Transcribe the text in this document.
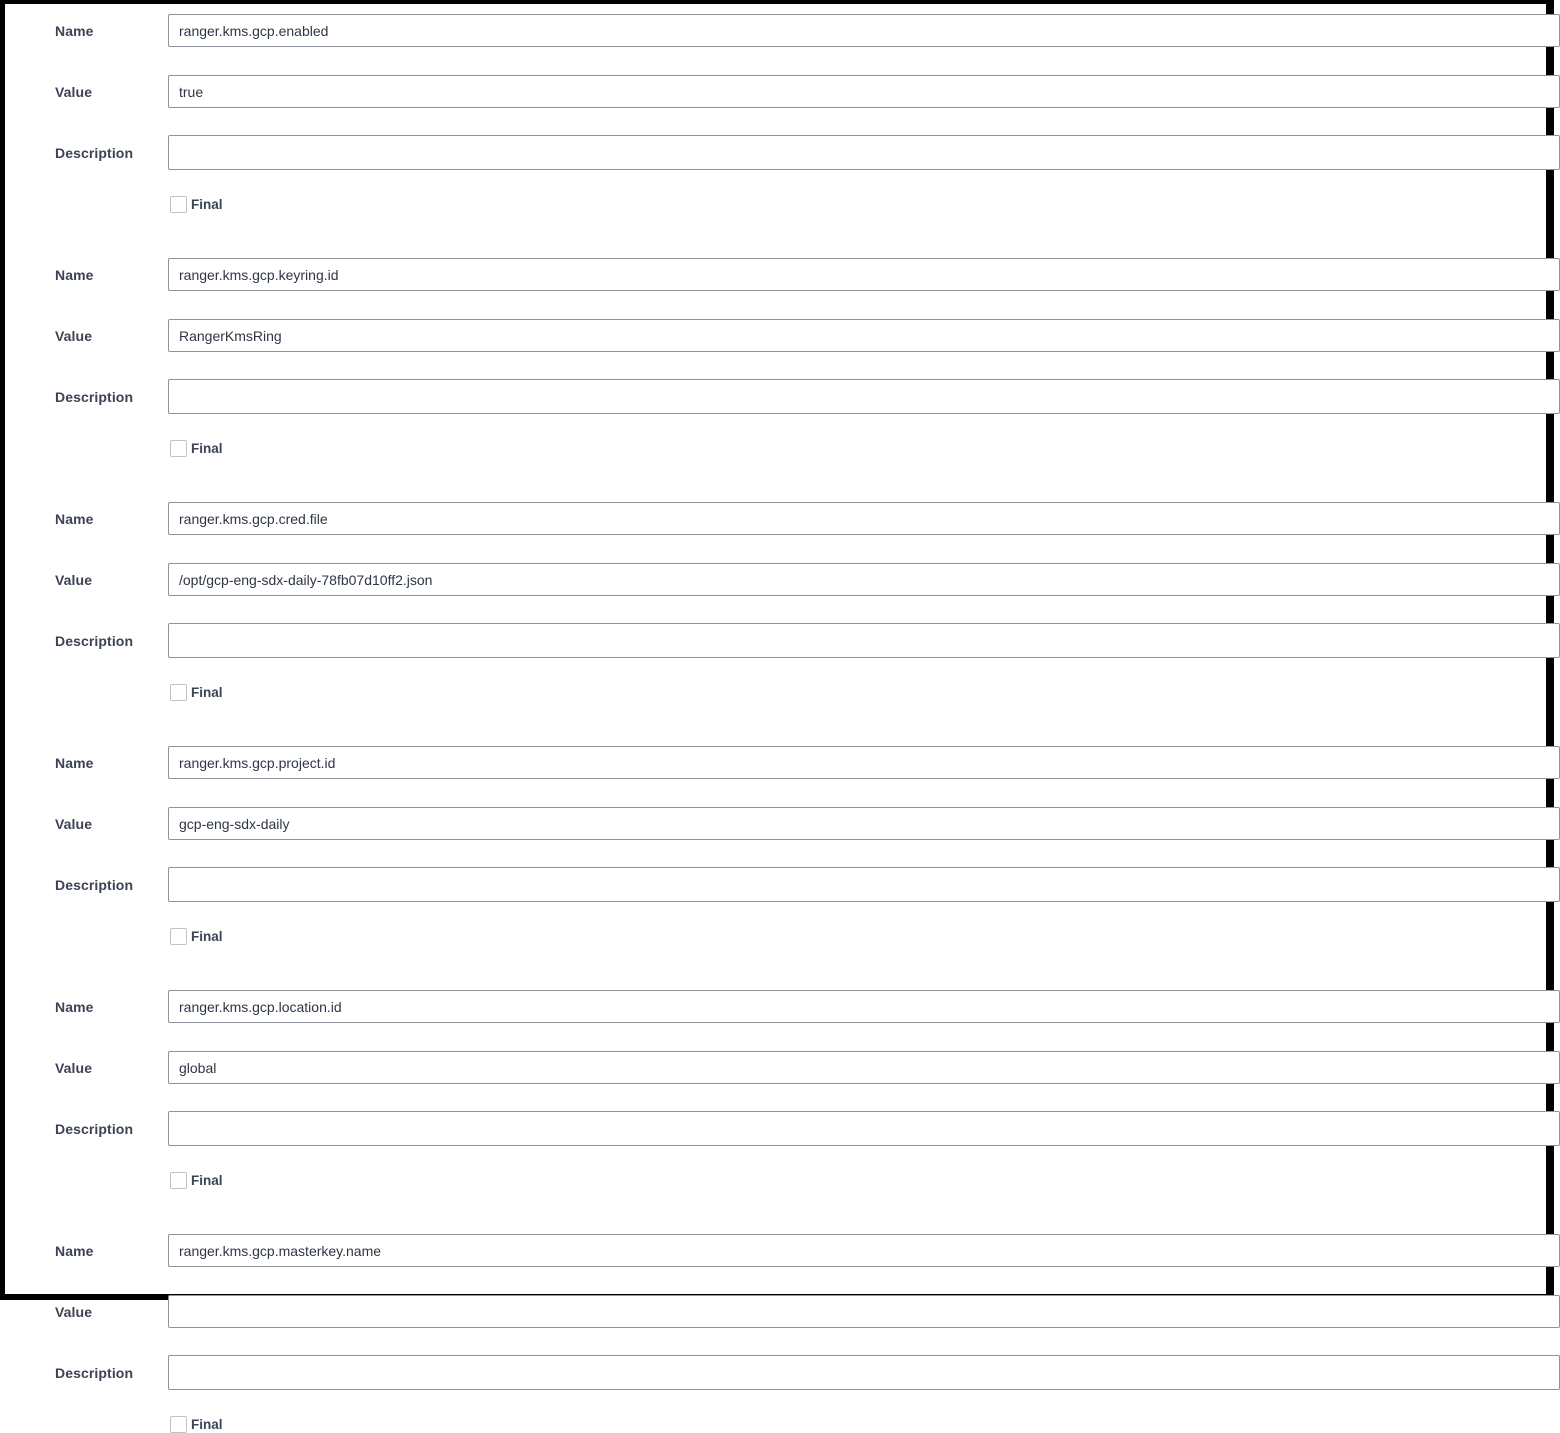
Name
ranger.kms.gcp.enabled
Value
true
Description
Final
Name
ranger.kms.gcp.keyring.id
Value
RangerKmsRing
Description
Final
Name
ranger.kms.gcp.cred.file
Value
/opt/gcp-eng-sdx-daily-78fb07d10ff2.json
Description
Final
Name
ranger.kms.gcp.project.id
Value
gcp-eng-sdx-daily
Description
Final
Name
ranger.kms.gcp.location.id
Value
global
Description
Final
Name
ranger.kms.gcp.masterkey.name
Value
Description
Final
